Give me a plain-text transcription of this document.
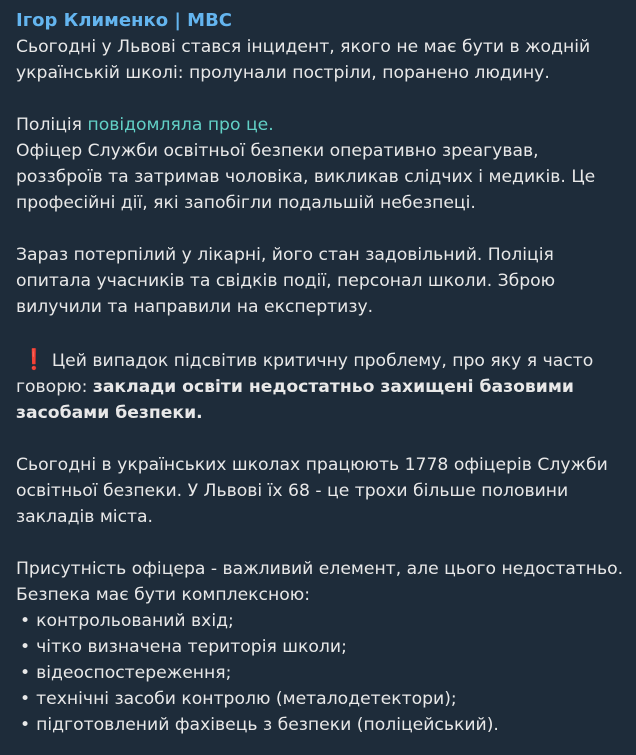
Ігор Клименко | МВС

Сьогодні у Львові стався інцидент, якого не має бути в жодній українській школі: пролунали постріли, поранено людину.

Поліція повідомляла про це.

Офіцер Служби освітньої безпеки оперативно зреагував, роззброїв та затримав чоловіка, викликав слідчих і медиків. Це професійні дії, які запобігли подальшій небезпеці.

Зараз потерпілий у лікарні, його стан задовільний. Поліція опитала учасників та свідків події, персонал школи. Зброю вилучили та направили на експертизу.

❗ Цей випадок підсвітив критичну проблему, про яку я часто говорю: заклади освіти недостатньо захищені базовими засобами безпеки.

Сьогодні в українських школах працюють 1778 офіцерів Служби освітньої безпеки. У Львові їх 68 - це трохи більше половини закладів міста.

Присутність офіцера - важливий елемент, але цього недостатньо. Безпека має бути комплексною:

• контрольований вхід;
• чітко визначена територія школи;
• відеоспостереження;
• технічні засоби контролю (металодетектори);
• підготовлений фахівець з безпеки (поліцейський).
